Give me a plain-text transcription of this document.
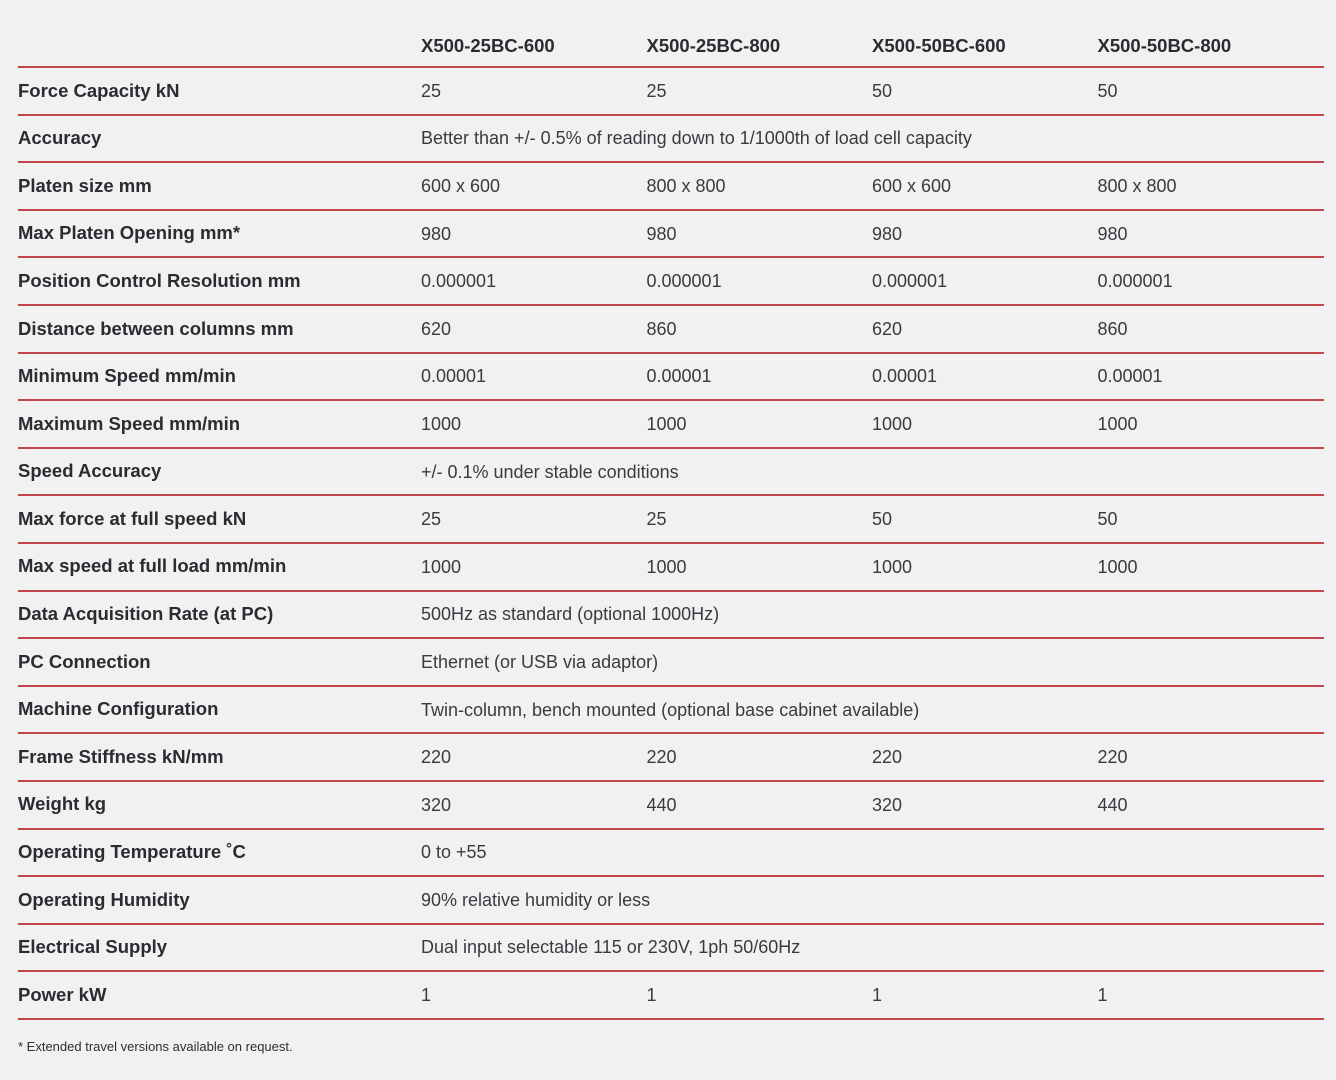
X500-25BC-600	X500-25BC-800	X500-50BC-600	X500-50BC-800
Force Capacity kN	25	25	50	50
Accuracy	Better than +/- 0.5% of reading down to 1/1000th of load cell capacity
Platen size mm	600 x 600	800 x 800	600 x 600	800 x 800
Max Platen Opening mm*	980	980	980	980
Position Control Resolution mm	0.000001	0.000001	0.000001	0.000001
Distance between columns mm	620	860	620	860
Minimum Speed mm/min	0.00001	0.00001	0.00001	0.00001
Maximum Speed mm/min	1000	1000	1000	1000
Speed Accuracy	+/- 0.1% under stable conditions
Max force at full speed kN	25	25	50	50
Max speed at full load mm/min	1000	1000	1000	1000
Data Acquisition Rate (at PC)	500Hz as standard (optional 1000Hz)
PC Connection	Ethernet (or USB via adaptor)
Machine Configuration	Twin-column, bench mounted (optional base cabinet available)
Frame Stiffness kN/mm	220	220	220	220
Weight kg	320	440	320	440
Operating Temperature ˚C	0 to +55
Operating Humidity	90% relative humidity or less
Electrical Supply	Dual input selectable 115 or 230V, 1ph 50/60Hz
Power kW	1	1	1	1
* Extended travel versions available on request.
